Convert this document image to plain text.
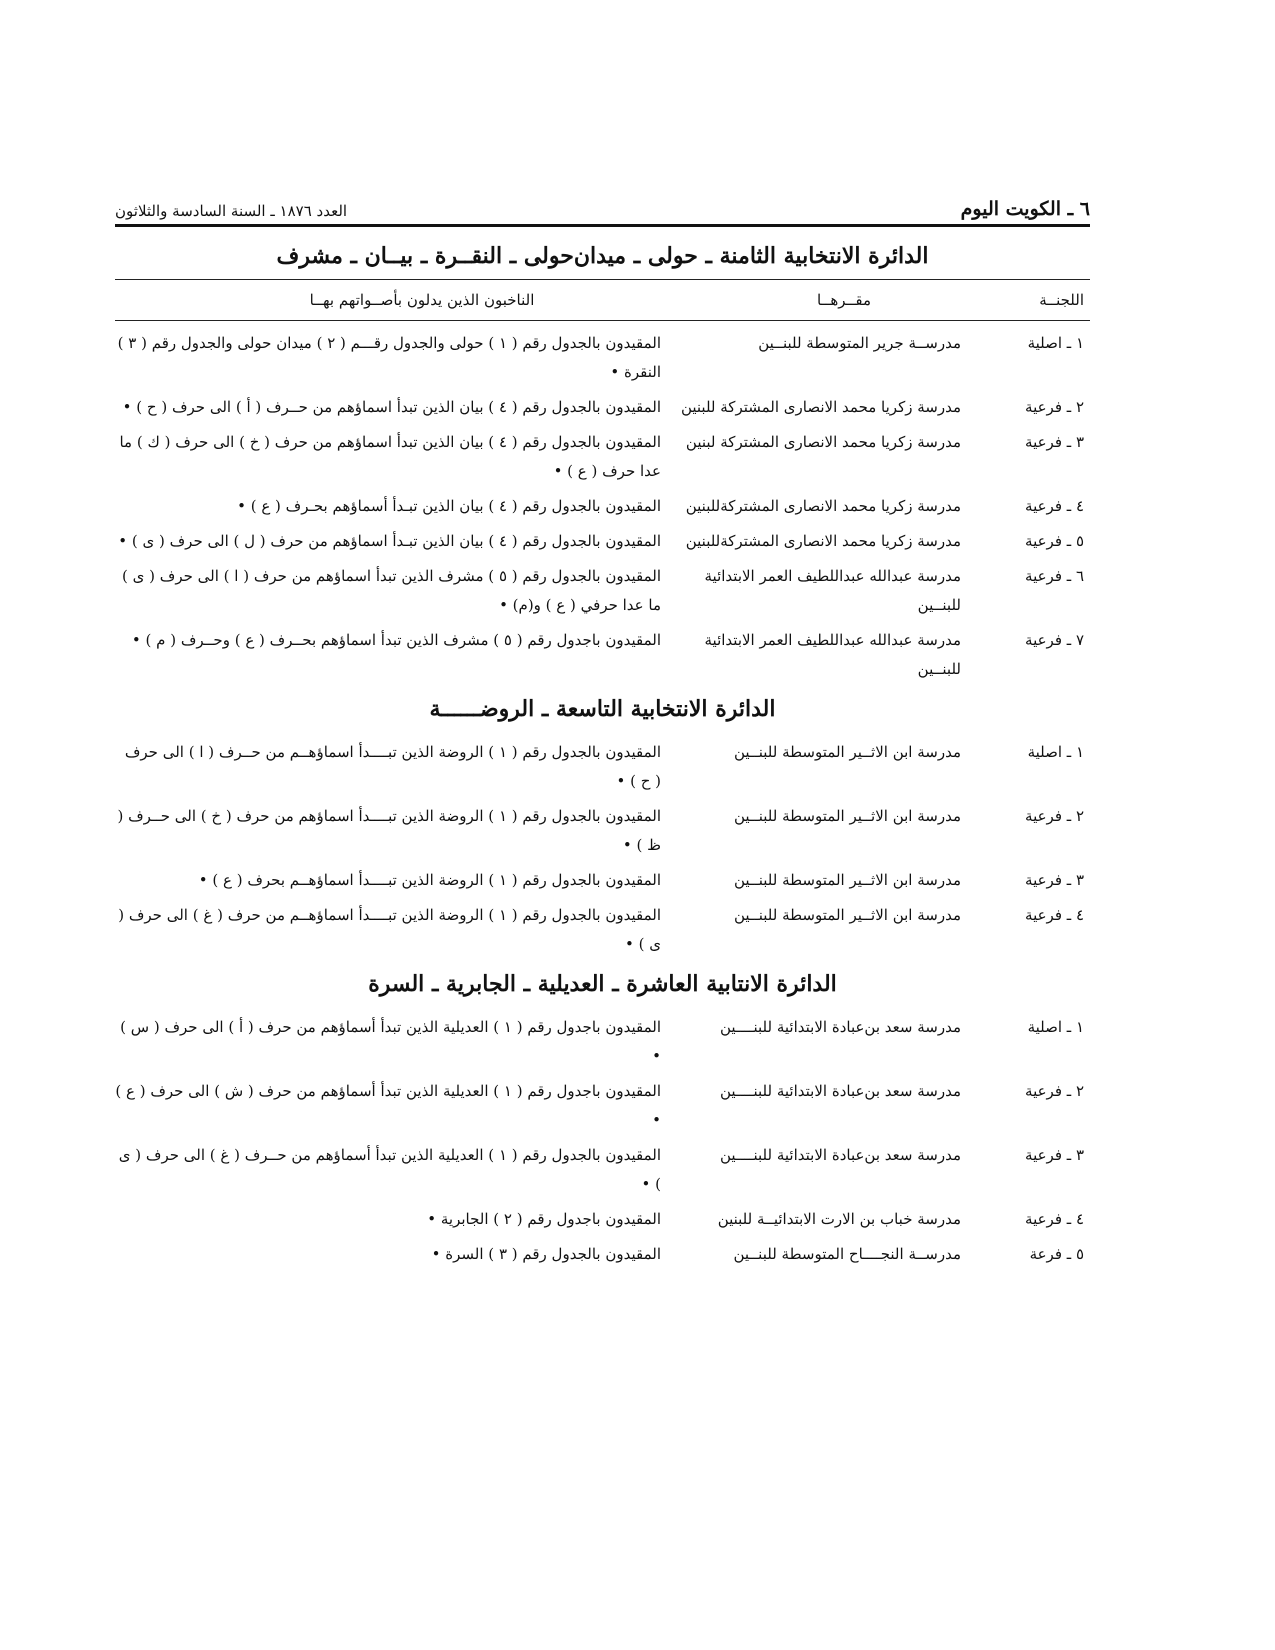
٦ ـ الكويت اليوم
العدد ١٨٧٦ ـ السنة السادسة والثلاثون
الدائرة الانتخابية الثامنة ـ حولى ـ ميدان‌حولى ـ النقــرة ـ بيــان ـ مشرف
اللجنــة
مقــرهــا
الناخبون الذين يدلون بأصــواتهم بهــا
١ ـ اصلية
مدرســة جرير المتوسطة للبنــين
المقيدون بالجدول رقم ( ١ ) حولى والجدول رقـــم ( ٢ ) ميدان حولى والجدول رقم ( ٣ ) النقرة •
٢ ـ فرعية
مدرسة زكريا محمد الانصارى المشتركة للبنين
المقيدون بالجدول رقم ( ٤ ) بيان الذين تبدأ اسماؤهم من حــرف ( أ ) الى حرف ( ح ) •
٣ ـ فرعية
مدرسة زكريا محمد الانصارى المشتركة لبنين
المقيدون بالجدول رقم ( ٤ ) بيان الذين تبدأ اسماؤهم من حرف ( خ ) الى حرف ( ك ) ما عدا حرف ( ع ) •
٤ ـ فرعية
مدرسة زكريا محمد الانصارى المشتركةللبنين
المقيدون بالجدول رقم ( ٤ ) بيان الذين تبـدأ أسماؤهم بحـرف ( ع ) •
٥ ـ فرعية
مدرسة زكريا محمد الانصارى المشتركةللبنين
المقيدون بالجدول رقم ( ٤ ) بيان الذين تبـدأ اسماؤهم من حرف ( ل ) الى حرف ( ى ) •
٦ ـ فرعية
مدرسة عبدالله عبداللطيف العمر الابتدائية للبنــين
المقيدون بالجدول رقم ( ٥ ) مشرف الذين تبدأ اسماؤهم من حرف ( ا ) الى حرف ( ى ) ما عدا حرفي ( ع ) و(م) •
٧ ـ فرعية
مدرسة عبدالله عبداللطيف العمر الابتدائية للبنــين
المقيدون باجدول رقم ( ٥ ) مشرف الذين تبدأ اسماؤهم بحــرف ( ع ) وحــرف ( م ) •
الدائرة الانتخابية التاسعة ـ الروضــــــة
١ ـ اصلية
مدرسة ابن الاثــير المتوسطة للبنــين
المقيدون بالجدول رقم ( ١ ) الروضة الذين تبــــدأ اسماؤهــم من حــرف ( ا ) الى حرف ( ح ) •
٢ ـ فرعية
مدرسة ابن الاثــير المتوسطة للبنــين
المقيدون بالجدول رقم ( ١ ) الروضة الذين تبــــدأ اسماؤهم من حرف ( خ ) الى حــرف ( ظ ) •
٣ ـ فرعية
مدرسة ابن الاثــير المتوسطة للبنــين
المقيدون بالجدول رقم ( ١ ) الروضة الذين تبــــدأ اسماؤهــم بحرف ( ع ) •
٤ ـ فرعية
مدرسة ابن الاثــير المتوسطة للبنــين
المقيدون بالجدول رقم ( ١ ) الروضة الذين تبــــدأ اسماؤهــم من حرف ( غ ) الى حرف ( ى ) •
الدائرة الانتابية العاشرة ـ العديلية ـ الجابرية ـ السرة
١ ـ اصلية
مدرسة سعد بن‌عبادة الابتدائية للبنــــين
المقيدون باجدول رقم ( ١ ) العديلية الذين تبدأ أسماؤهم من حرف ( أ ) الى حرف ( س ) •
٢ ـ فرعية
مدرسة سعد بن‌عبادة الابتدائية للبنــــين
المقيدون باجدول رقم ( ١ ) العديلية الذين تبدأ أسماؤهم من حرف ( ش ) الى حرف ( ع ) •
٣ ـ فرعية
مدرسة سعد بن‌عبادة الابتدائية للبنــــين
المقيدون بالجدول رقم ( ١ ) العديلية الذين تبدأ أسماؤهم من حــرف ( غ ) الى حرف ( ى ) •
٤ ـ فرعية
مدرسة خباب بن الارت الابتدائيــة للبنين
المقيدون باجدول رقم ( ٢ ) الجابرية •
٥ ـ فرعة
مدرســة النجــــاح المتوسطة للبنــين
المقيدون بالجدول رقم ( ٣ ) السرة •
